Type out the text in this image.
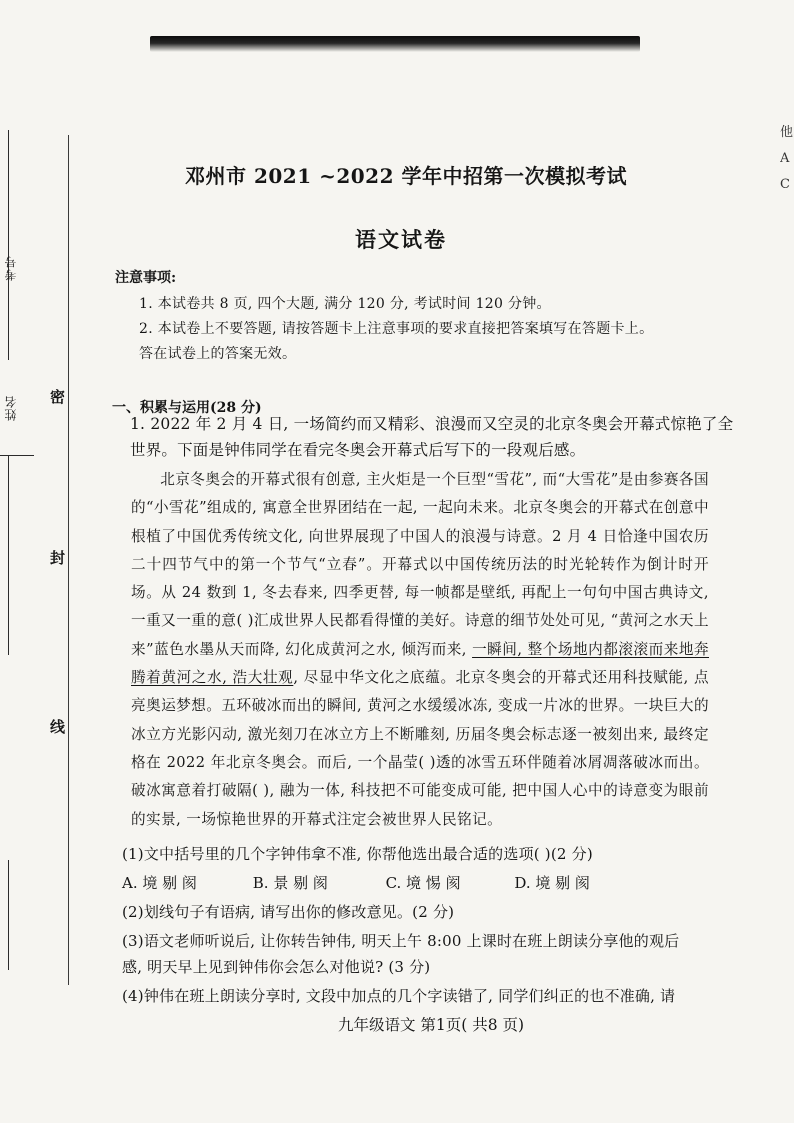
考号
姓名 密
封
线
他
A
C
邓州市 2021 ~2022 学年中招第一次模拟考试
语文试卷
注意事项:
1. 本试卷共 8 页, 四个大题, 满分 120 分, 考试时间 120 分钟。
2. 本试卷上不要答题, 请按答题卡上注意事项的要求直接把答案填写在答题卡上。
答在试卷上的答案无效。
一、积累与运用(28 分)
1. 2022 年 2 月 4 日, 一场简约而又精彩、浪漫而又空灵的北京冬奥会开幕式惊艳了全
世界。下面是钟伟同学在看完冬奥会开幕式后写下的一段观后感。
北京冬奥会的开幕式很有创意, 主火炬是一个巨型“雪花”, 而“大雪花”是由参赛各国的“小雪花”组成的, 寓意全世界团结在一起, 一起向未来。北京冬奥会的开幕式在创意中根植了中国优秀传统文化, 向世界展现了中国人的浪漫与诗意。2 月 4 日恰逢中国农历二十四节气中的第一个节气“立春”。开幕式以中国传统历法的时光轮转作为倒计时开场。从 24 数到 1, 冬去春来, 四季更替, 每一帧都是壁纸, 再配上一句句中国古典诗文, 一重又一重的意( )汇成世界人民都看得懂的美好。诗意的细节处处可见, “黄河之水天上来”蓝色水墨从天而降, 幻化成黄河之水, 倾泻而来, 一瞬间, 整个场地内都滚滚而来地奔腾着黄河之水, 浩大壮观, 尽显中华文化之底蕴。北京冬奥会的开幕式还用科技赋能, 点亮奥运梦想。五环破冰而出的瞬间, 黄河之水缓缓冰冻, 变成一片冰的世界。一块巨大的冰立方光影闪动, 激光刻刀在冰立方上不断雕刻, 历届冬奥会标志逐一被刻出来, 最终定格在 2022 年北京冬奥会。而后, 一个晶莹( )透的冰雪五环伴随着冰屑凋落破冰而出。破冰寓意着打破隔( ), 融为一体, 科技把不可能变成可能, 把中国人心中的诗意变为眼前的实景, 一场惊艳世界的开幕式注定会被世界人民铭记。
(1)文中括号里的几个字钟伟拿不准, 你帮他选出最合适的选项( )(2 分)
A. 境 剔 阂	B. 景 剔 阂	C. 境 惕 阂	D. 境 剔 阂
(2)划线句子有语病, 请写出你的修改意见。(2 分)
(3)语文老师听说后, 让你转告钟伟, 明天上午 8:00 上课时在班上朗读分享他的观后
感, 明天早上见到钟伟你会怎么对他说? (3 分)
(4)钟伟在班上朗读分享时, 文段中加点的几个字读错了, 同学们纠正的也不准确, 请
九年级语文 第1页( 共8 页)
